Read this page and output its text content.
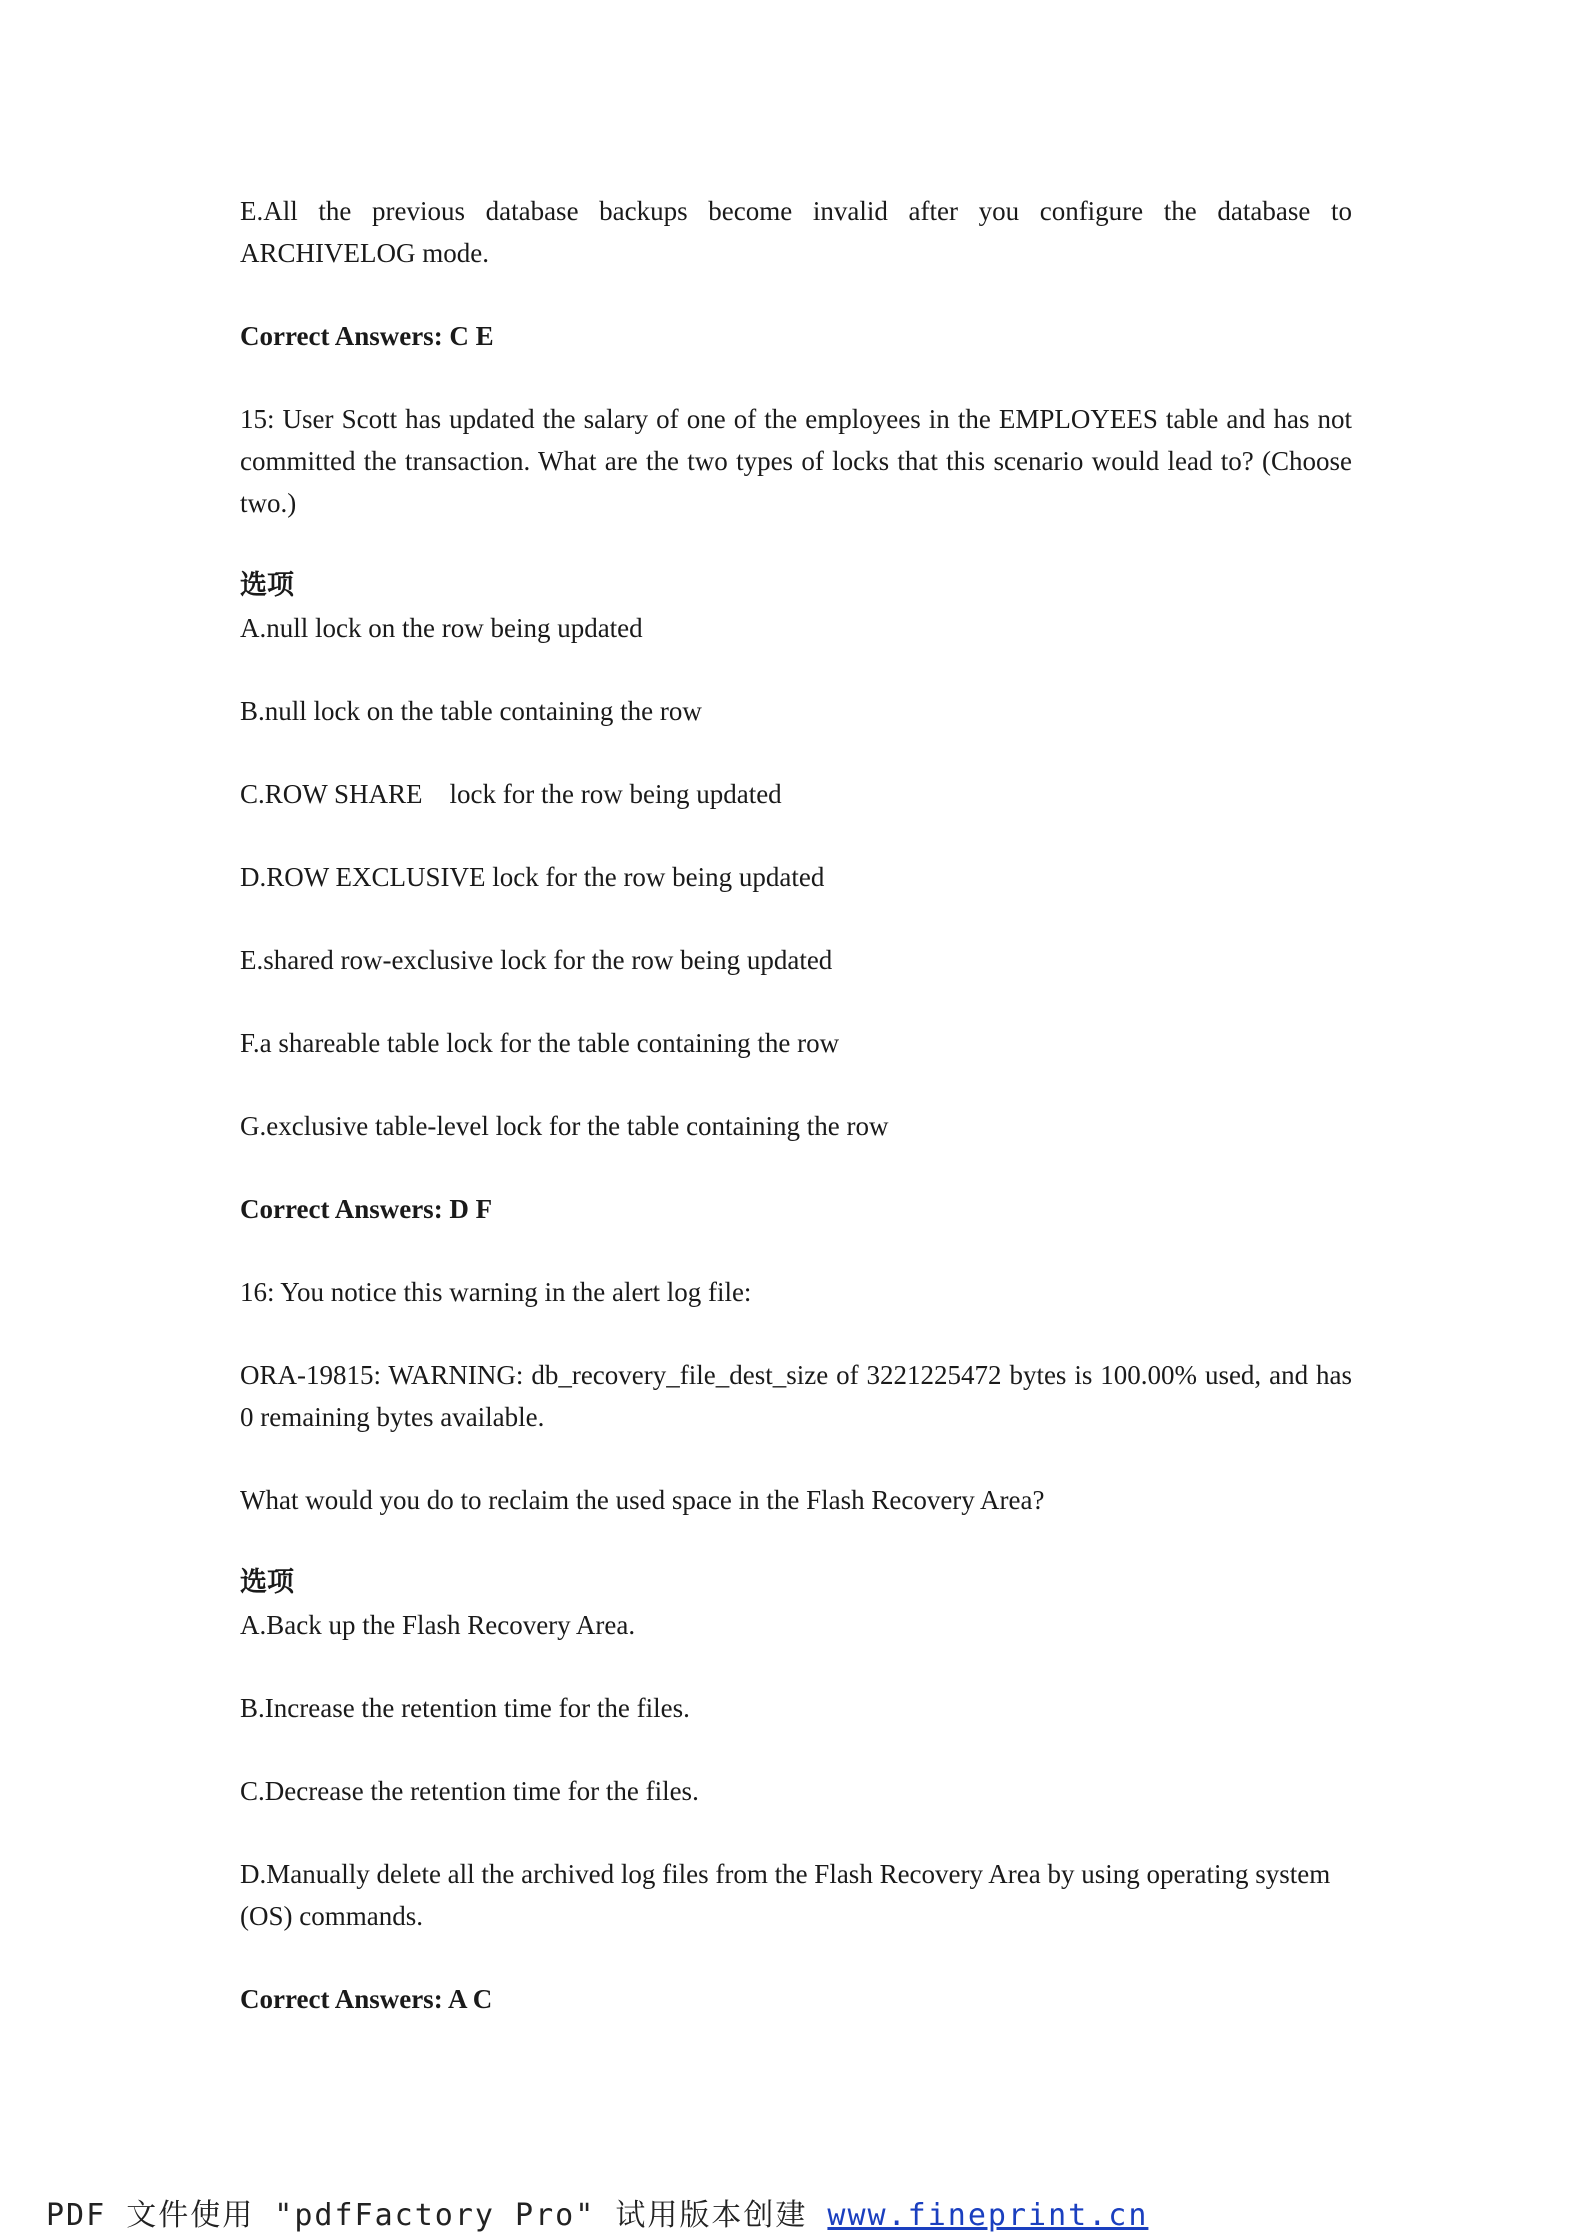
E.All the previous database backups become invalid after you configure the database to ARCHIVELOG mode.

Correct Answers: C E

15: User Scott has updated the salary of one of the employees in the EMPLOYEES table and has not committed the transaction. What are the two types of locks that this scenario would lead to? (Choose two.)

选项

A.null lock on the row being updated

B.null lock on the table containing the row

C.ROW SHARE　lock for the row being updated

D.ROW EXCLUSIVE lock for the row being updated

E.shared row-exclusive lock for the row being updated

F.a shareable table lock for the table containing the row

G.exclusive table-level lock for the table containing the row

Correct Answers: D F

16: You notice this warning in the alert log file:

ORA-19815: WARNING: db_recovery_file_dest_size of 3221225472 bytes is 100.00% used, and has 0 remaining bytes available.

What would you do to reclaim the used space in the Flash Recovery Area?

选项

A.Back up the Flash Recovery Area.

B.Increase the retention time for the files.

C.Decrease the retention time for the files.

D.Manually delete all the archived log files from the Flash Recovery Area by using operating system (OS) commands.

Correct Answers: A C

PDF 文件使用 "pdfFactory Pro" 试用版本创建 www.fineprint.cn
